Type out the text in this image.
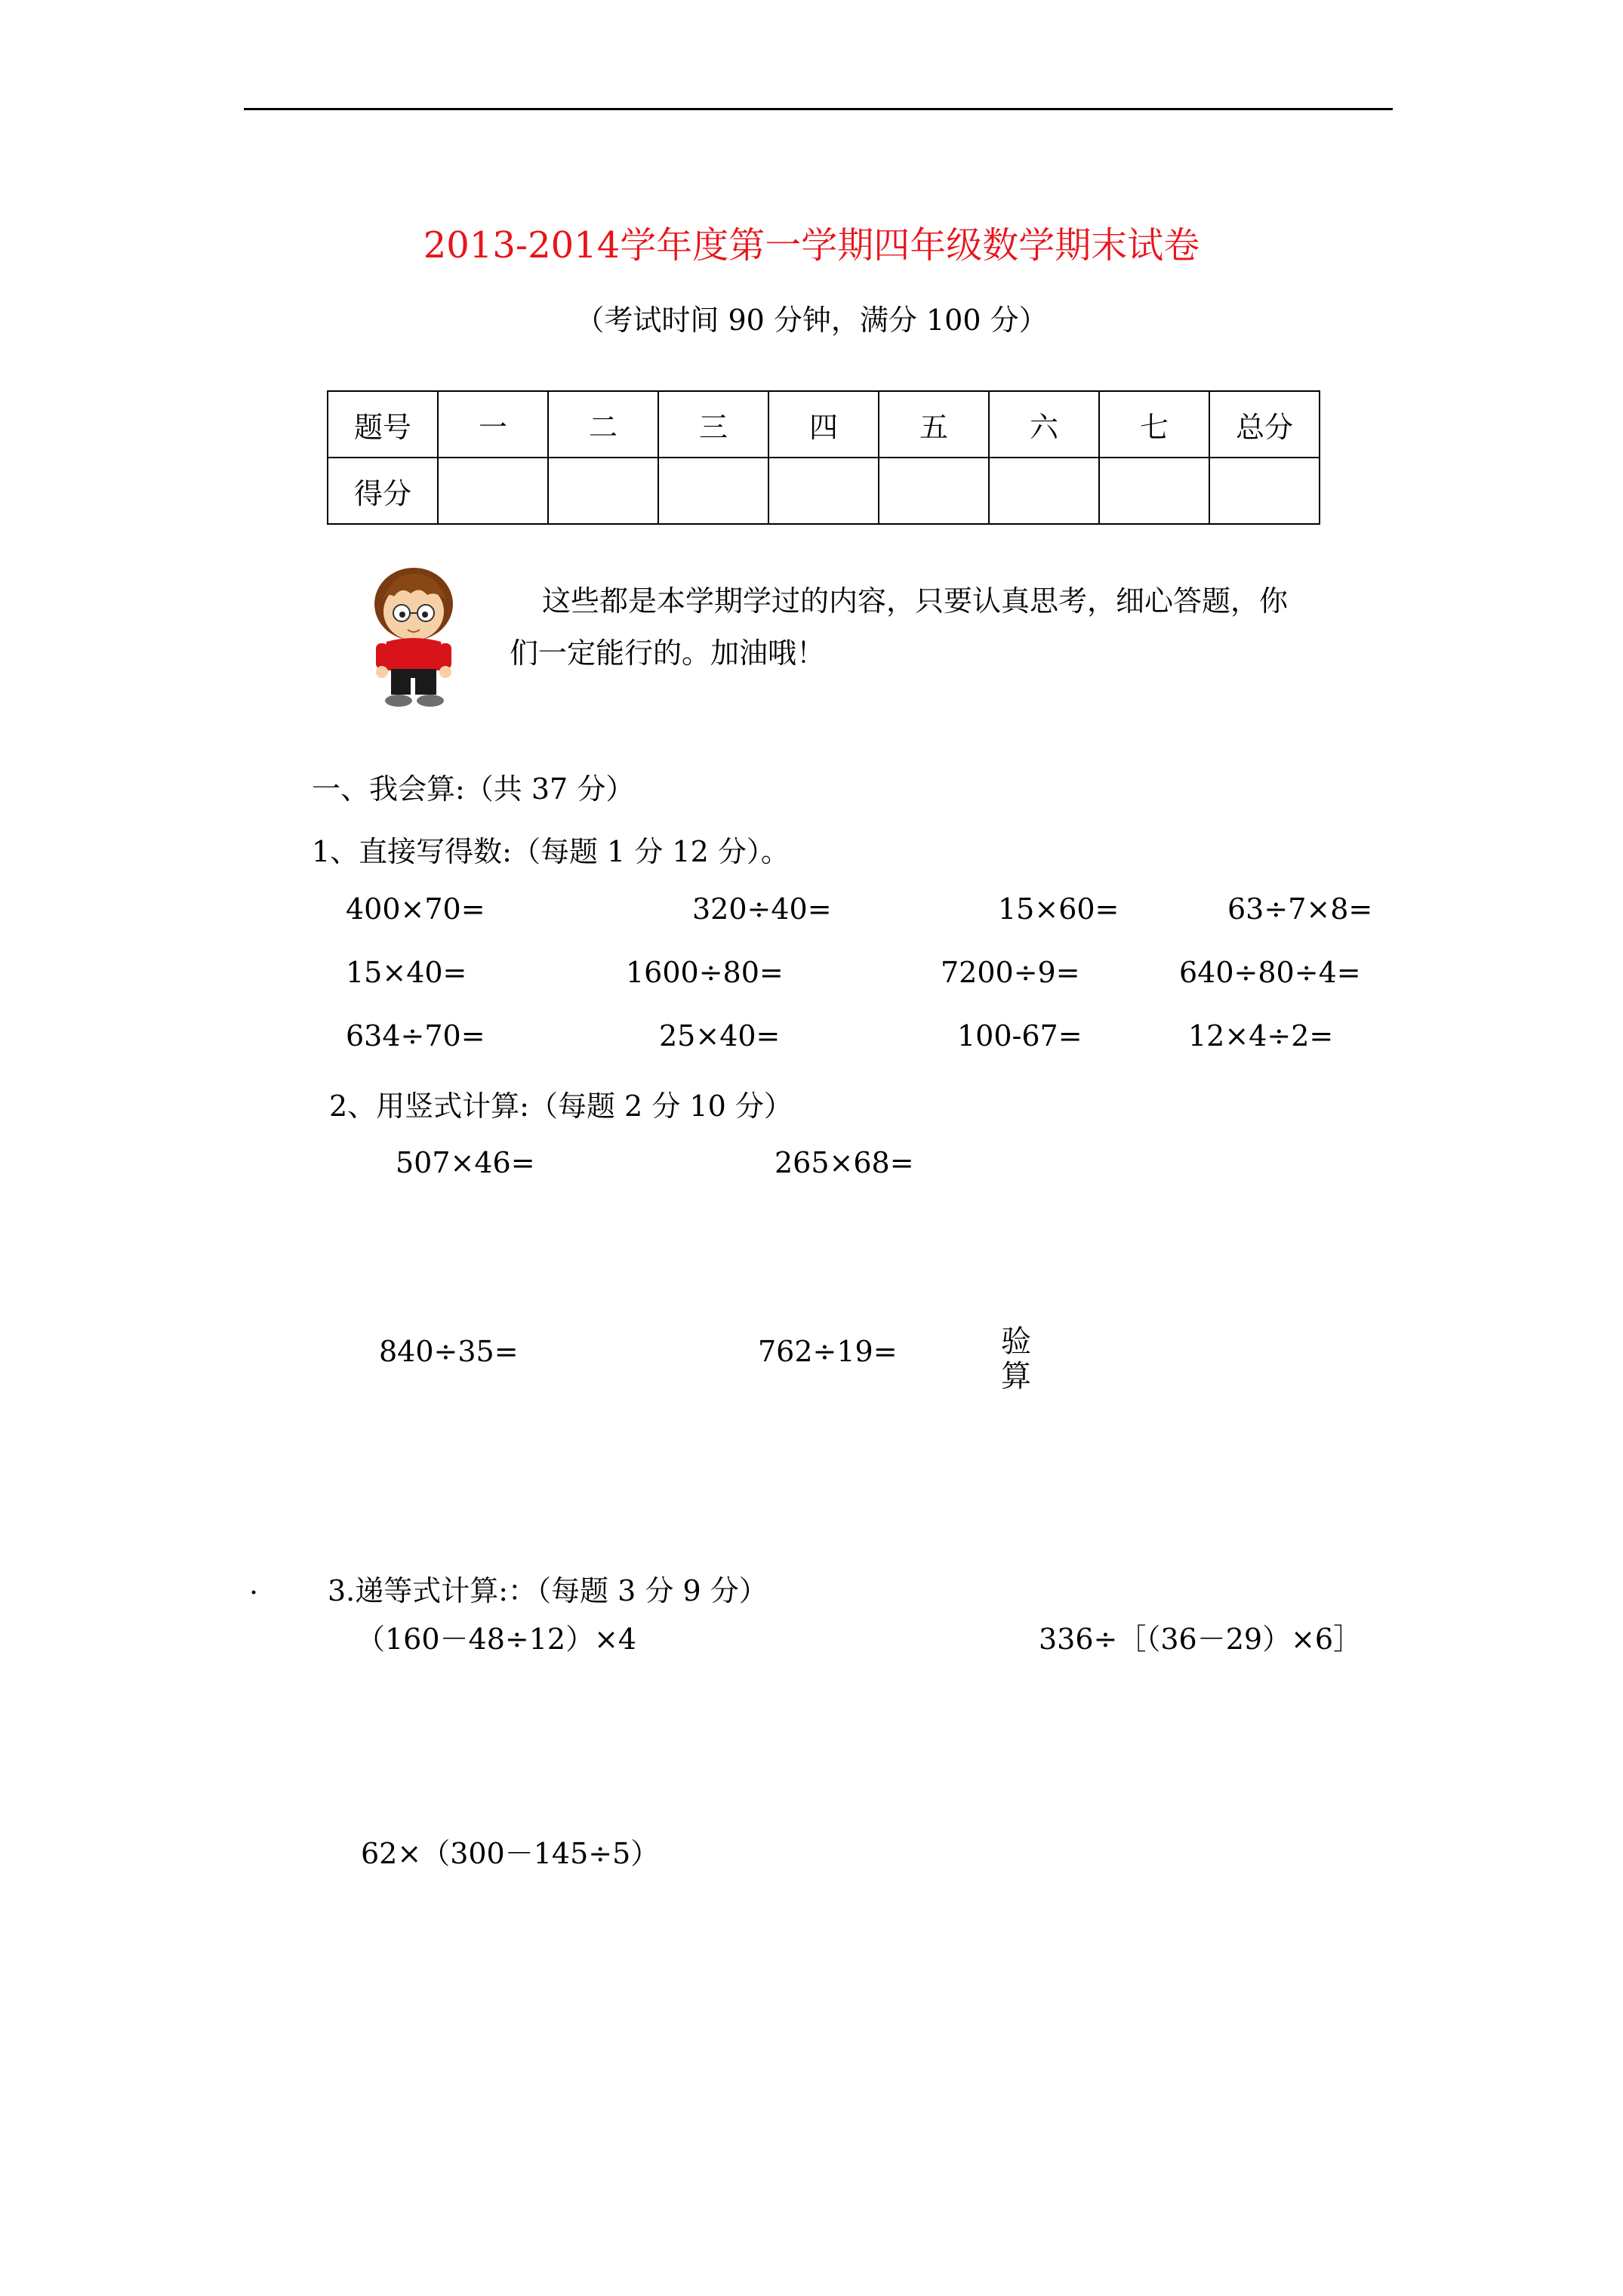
2013-2014学年度第一学期四年级数学期末试卷
（考试时间 90 分钟，满分 100 分）
题号	一	二	三	四	五	六	七	总分
得分								
这些都是本学期学过的内容，只要认真思考，细心答题，你
们一定能行的。加油哦！
一、我会算:（共 37 分）
1、直接写得数:（每题 1 分 12 分）。
400×70=	320÷40=	15×60=	63÷7×8=
15×40=	1600÷80=	7200÷9=	640÷80÷4=
634÷70=	25×40=	100-67=	12×4÷2=
2、用竖式计算:（每题 2 分 10 分）
507×46=	265×68=
840÷35=	762÷19=	验算
. 3.递等式计算:：（每题 3 分 9 分）
（160－48÷12）×4	336÷［（36－29）×6］
62×（300－145÷5）
